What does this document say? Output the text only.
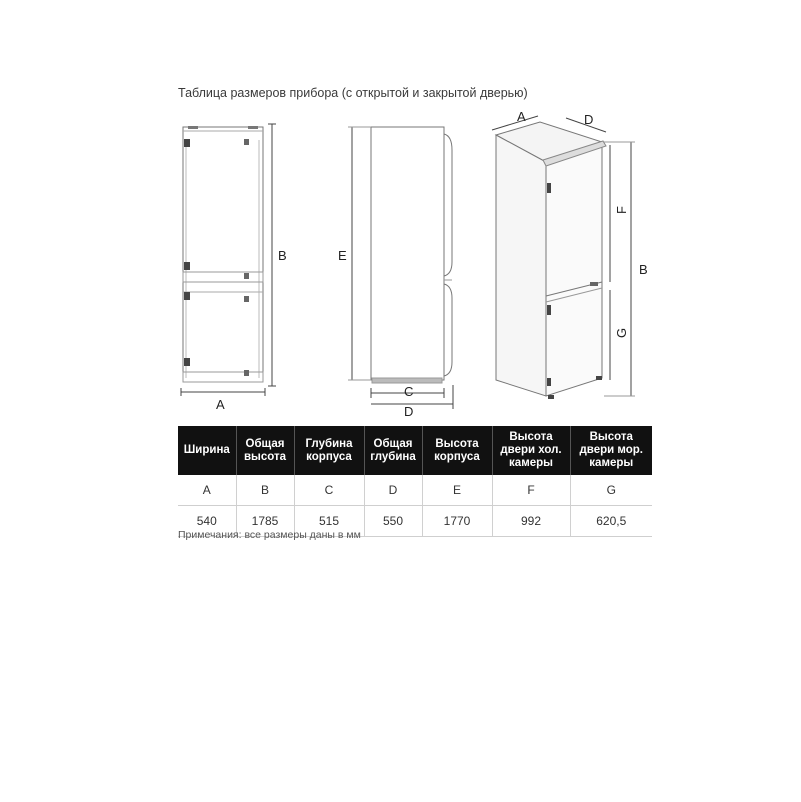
Таблица размеров прибора (с открытой и закрытой дверью)
A
B	E
C
D
A	D
F
B
G
Ширина	Общая высота	Глубина корпуса	Общая глубина	Высота корпуса	Высота двери хол. камеры	Высота двери мор. камеры
A	B	C	D	E	F	G
540	1785	515	550	1770	992	620,5
Примечания: все размеры даны в мм
